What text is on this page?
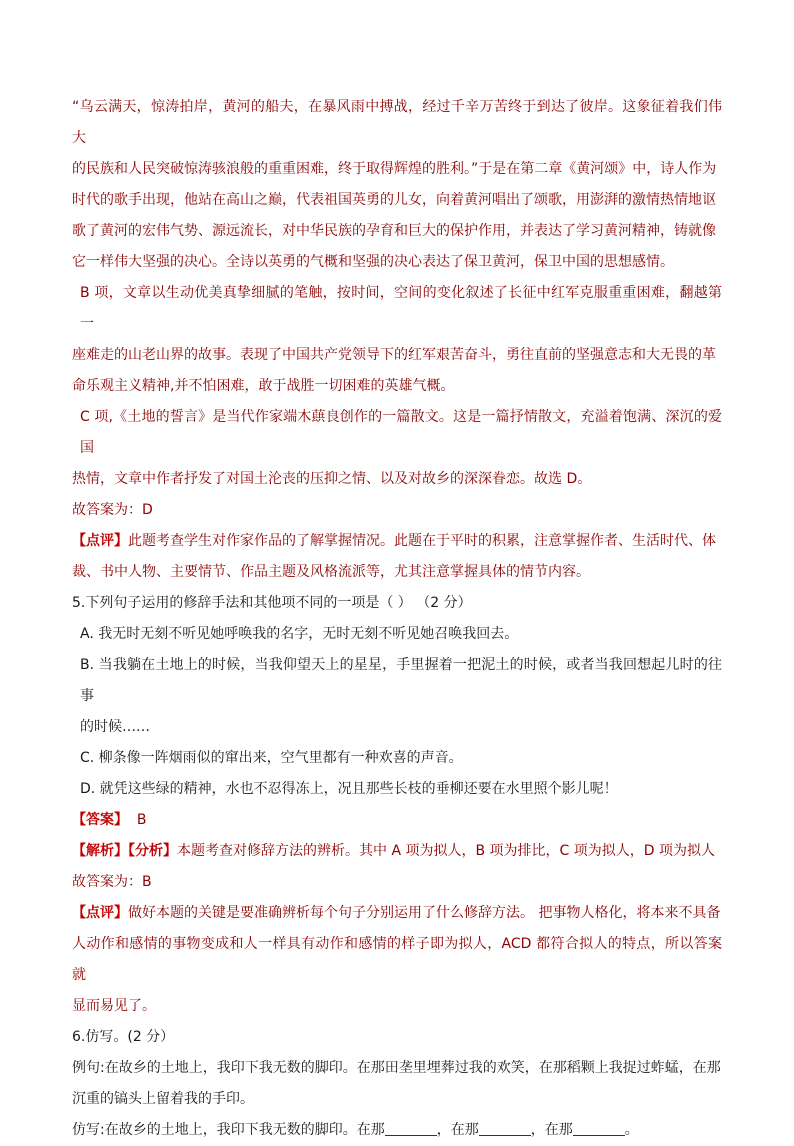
“乌云满天，惊涛拍岸，黄河的船夫，在暴风雨中搏战，经过千辛万苦终于到达了彼岸。这象征着我们伟大

的民族和人民突破惊涛骇浪般的重重困难，终于取得辉煌的胜利。”于是在第二章《黄河颂》中，诗人作为

时代的歌手出现，他站在高山之巅，代表祖国英勇的儿女，向着黄河唱出了颂歌，用澎湃的激情热情地讴

歌了黄河的宏伟气势、源远流长，对中华民族的孕育和巨大的保护作用，并表达了学习黄河精神，铸就像

它一样伟大坚强的决心。全诗以英勇的气概和坚强的决心表达了保卫黄河，保卫中国的思想感情。

B 项，文章以生动优美真挚细腻的笔触，按时间，空间的变化叙述了长征中红军克服重重困难，翻越第一

座难走的山老山界的故事。表现了中国共产党领导下的红军艰苦奋斗，勇往直前的坚强意志和大无畏的革

命乐观主义精神,并不怕困难，敢于战胜一切困难的英雄气概。

C 项,《土地的誓言》是当代作家端木蕻良创作的一篇散文。这是一篇抒情散文，充溢着饱满、深沉的爱国

热情，文章中作者抒发了对国土沦丧的压抑之情、以及对故乡的深深眷恋。故选 D。

故答案为：D

【点评】此题考查学生对作家作品的了解掌握情况。此题在于平时的积累，注意掌握作者、生活时代、体

裁、书中人物、主要情节、作品主题及风格流派等，尤其注意掌握具体的情节内容。

5.下列句子运用的修辞手法和其他项不同的一项是（ ） （2 分）

A. 我无时无刻不听见她呼唤我的名字，无时无刻不听见她召唤我回去。

B. 当我躺在土地上的时候，当我仰望天上的星星，手里握着一把泥土的时候，或者当我回想起儿时的往事

的时候……

C. 柳条像一阵烟雨似的窜出来，空气里都有一种欢喜的声音。

D. 就凭这些绿的精神，水也不忍得冻上，况且那些长枝的垂柳还要在水里照个影儿呢！

【答案】 B

【解析】【分析】本题考查对修辞方法的辨析。其中 A 项为拟人，B 项为排比，C 项为拟人，D 项为拟人

故答案为：B

【点评】做好本题的关键是要准确辨析每个句子分别运用了什么修辞方法。 把事物人格化，将本来不具备

人动作和感情的事物变成和人一样具有动作和感情的样子即为拟人，ACD 都符合拟人的特点，所以答案就

显而易见了。

6.仿写。(2 分）

例句:在故乡的土地上，我印下我无数的脚印。在那田垄里埋葬过我的欢笑，在那稻颗上我捉过蚱蜢，在那

沉重的镐头上留着我的手印。

仿写:在故乡的土地上，我印下我无数的脚印。在那	，在那	，在那	。
